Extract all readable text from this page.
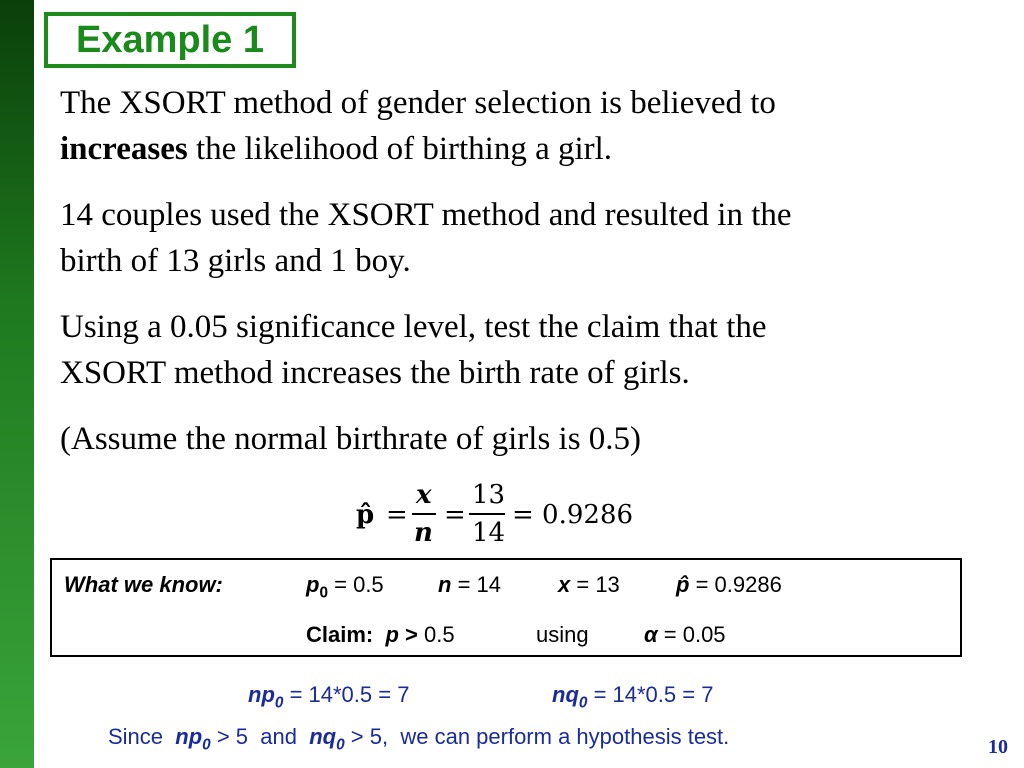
Example 1
The XSORT method of gender selection is believed to
increases the likelihood of birthing a girl.
14 couples used the XSORT method and resulted in the
birth of 13 girls and 1 boy.
Using a 0.05 significance level, test the claim that the
XSORT method increases the birth rate of girls.
(Assume the normal birthrate of girls is 0.5)
p̂ =
x
n
=
13
14
= 0.9286
What we know:	$p_0 = 0.5$ n = 14	x = 13	p̂ = 0.9286
Claim: p > 0.5	using	α = 0.05
$np_0 = 14*0.5 = 7$	$nq_0 = 14*0.5 = 7$
Since $np_0 > 5$  and $nq_0 > 5$, we can perform a hypothesis test.	10
